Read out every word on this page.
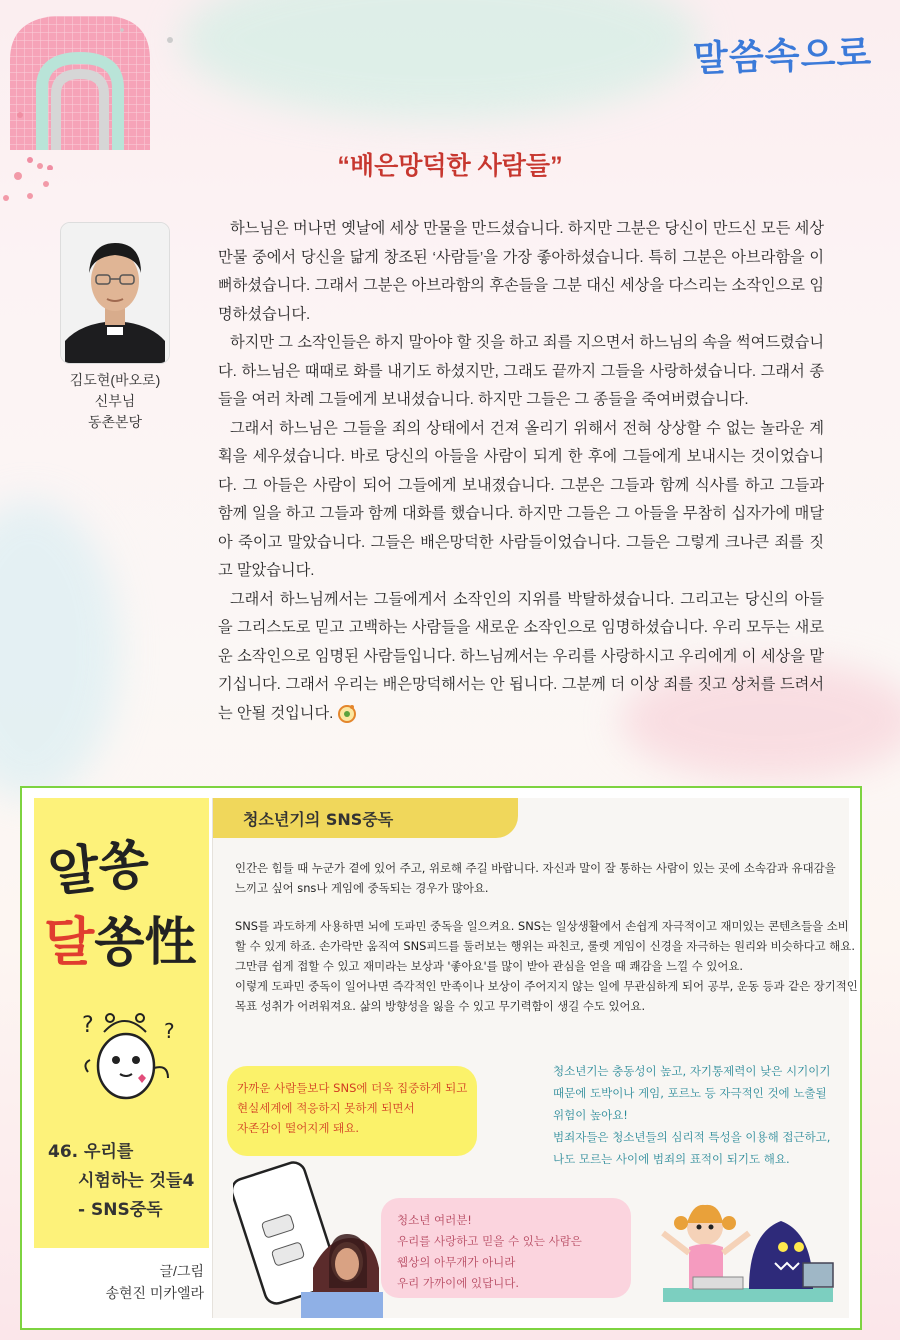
말씀속으로
“배은망덕한 사람들”
김도현(바오로)
신부님
동촌본당

하느님은 머나먼 옛날에 세상 만물을 만드셨습니다. 하지만 그분은 당신이 만드신 모든 세상 만물 중에서 당신을 닮게 창조된 ‘사람들’을 가장 좋아하셨습니다. 특히 그분은 아브라함을 이뻐하셨습니다. 그래서 그분은 아브라함의 후손들을 그분 대신 세상을 다스리는 소작인으로 임명하셨습니다.

하지만 그 소작인들은 하지 말아야 할 짓을 하고 죄를 지으면서 하느님의 속을 썩여드렸습니다. 하느님은 때때로 화를 내기도 하셨지만, 그래도 끝까지 그들을 사랑하셨습니다. 그래서 종들을 여러 차례 그들에게 보내셨습니다. 하지만 그들은 그 종들을 죽여버렸습니다.

그래서 하느님은 그들을 죄의 상태에서 건져 올리기 위해서 전혀 상상할 수 없는 놀라운 계획을 세우셨습니다. 바로 당신의 아들을 사람이 되게 한 후에 그들에게 보내시는 것이었습니다. 그 아들은 사람이 되어 그들에게 보내졌습니다. 그분은 그들과 함께 식사를 하고 그들과 함께 일을 하고 그들과 함께 대화를 했습니다. 하지만 그들은 그 아들을 무참히 십자가에 매달아 죽이고 말았습니다. 그들은 배은망덕한 사람들이었습니다. 그들은 그렇게 크나큰 죄를 짓고 말았습니다.

그래서 하느님께서는 그들에게서 소작인의 지위를 박탈하셨습니다. 그리고는 당신의 아들을 그리스도로 믿고 고백하는 사람들을 새로운 소작인으로 임명하셨습니다. 우리 모두는 새로운 소작인으로 임명된 사람들입니다. 하느님께서는 우리를 사랑하시고 우리에게 이 세상을 맡기십니다. 그래서 우리는 배은망덕해서는 안 됩니다. 그분께 더 이상 죄를 짓고 상처를 드려서는 안될 것입니다.

알쏭
달쏭性
?	?
46. 우리를
시험하는 것들4
- SNS중독
글/그림
송현진 미카엘라
청소년기의 SNS중독
인간은 힘들 때 누군가 곁에 있어 주고, 위로해 주길 바랍니다. 자신과 말이 잘 통하는 사람이 있는 곳에 소속감과 유대감을
느끼고 싶어 sns나 게임에 중독되는 경우가 많아요.
SNS를 과도하게 사용하면 뇌에 도파민 중독을 일으켜요. SNS는 일상생활에서 손쉽게 자극적이고 재미있는 콘텐츠들을 소비
할 수 있게 하죠. 손가락만 움직여 SNS피드를 둘러보는 행위는 파친코, 룰렛 게임이 신경을 자극하는 원리와 비슷하다고 해요.
그만큼 쉽게 접할 수 있고 재미라는 보상과 '좋아요'를 많이 받아 관심을 얻을 때 쾌감을 느낄 수 있어요.
이렇게 도파민 중독이 일어나면 즉각적인 만족이나 보상이 주어지지 않는 일에 무관심하게 되어 공부, 운동 등과 같은 장기적인
목표 성취가 어려워져요. 삶의 방향성을 잃을 수 있고 무기력함이 생길 수도 있어요.
가까운 사람들보다 SNS에 더욱 집중하게 되고
현실세계에 적응하지 못하게 되면서
자존감이 떨어지게 돼요.
청소년기는 충동성이 높고, 자기통제력이 낮은 시기이기
때문에 도박이나 게임, 포르노 등 자극적인 것에 노출될
위험이 높아요!
범죄자들은 청소년들의 심리적 특성을 이용해 접근하고,
나도 모르는 사이에 범죄의 표적이 되기도 해요.
청소년 여러분!
우리를 사랑하고 믿을 수 있는 사람은
웹상의 아무개가 아니라
우리 가까이에 있답니다.
